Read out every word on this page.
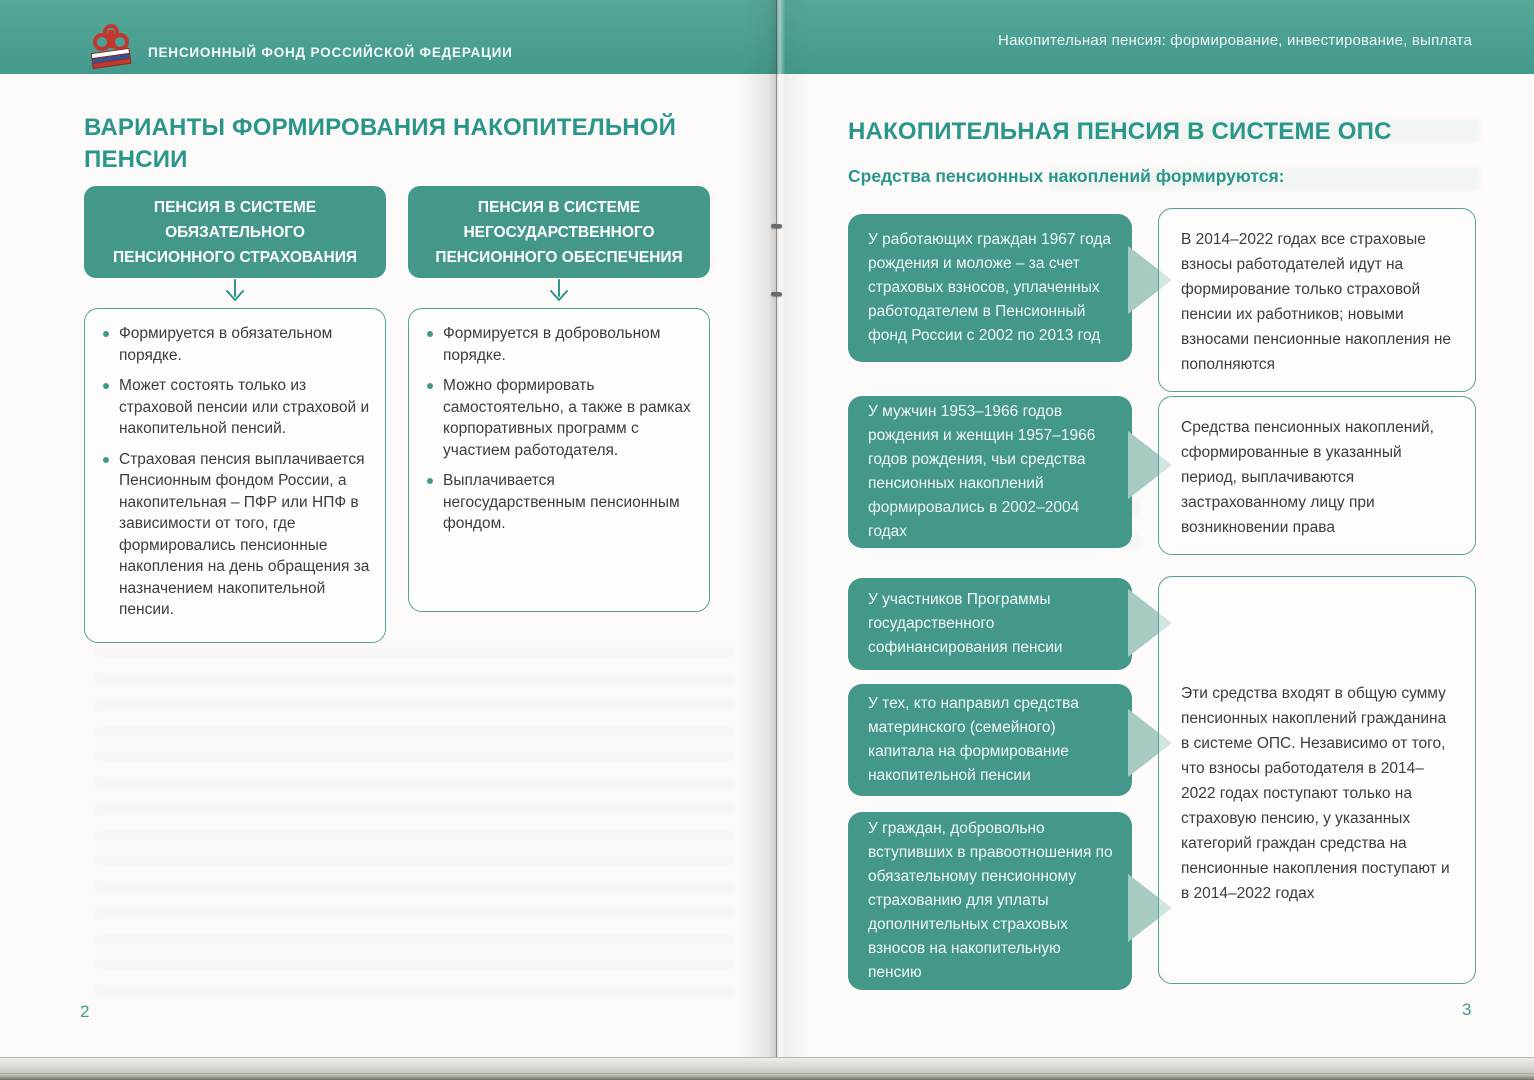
ПЕНСИОННЫЙ ФОНД РОССИЙСКОЙ ФЕДЕРАЦИИ
Накопительная пенсия: формирование, инвестирование, выплата
ВАРИАНТЫ ФОРМИРОВАНИЯ НАКОПИТЕЛЬНОЙ ПЕНСИИ
ПЕНСИЯ В СИСТЕМЕ ОБЯЗАТЕЛЬНОГО ПЕНСИОННОГО СТРАХОВАНИЯ
ПЕНСИЯ В СИСТЕМЕ НЕГОСУДАРСТВЕННОГО ПЕНСИОННОГО ОБЕСПЕЧЕНИЯ
Формируется в обязательном порядке.
Может состоять только из страховой пенсии или страховой и накопительной пенсий.
Страховая пенсия выплачивается Пенсионным фондом России, а накопительная – ПФР или НПФ в зависимости от того, где формировались пенсионные накопления на день обращения за назначением накопительной пенсии.
Формируется в добровольном порядке.
Можно формировать самостоятельно, а также в рамках корпоративных программ с участием работодателя.
Выплачивается негосударственным пенсионным фондом.
2
НАКОПИТЕЛЬНАЯ ПЕНСИЯ В СИСТЕМЕ ОПС
Средства пенсионных накоплений формируются:
У работающих граждан 1967 года рождения и моложе – за счет страховых взносов, уплаченных работодателем в Пенсионный фонд России с 2002 по 2013 год
У мужчин 1953–1966 годов рождения и женщин 1957–1966 годов рождения, чьи средства пенсионных накоплений формировались в 2002–2004 годах
У участников Программы государственного софинансирования пенсии
У тех, кто направил средства материнского (семейного) капитала на формирование накопительной пенсии
У граждан, добровольно вступивших в правоотношения по обязательному пенсионному страхованию для уплаты дополнительных страховых взносов на накопительную пенсию
В 2014–2022 годах все страховые взносы работодателей идут на формирование только страховой пенсии их работников; новыми взносами пенсионные накопления не пополняются
Средства пенсионных накоплений, сформированные в указанный период, выплачиваются застрахованному лицу при возникновении права
Эти средства входят в общую сумму пенсионных накоплений гражданина в системе ОПС. Независимо от того, что взносы работодателя в 2014–2022 годах поступают только на страховую пенсию, у указанных категорий граждан средства на пенсионные накопления поступают и в 2014–2022 годах
3
